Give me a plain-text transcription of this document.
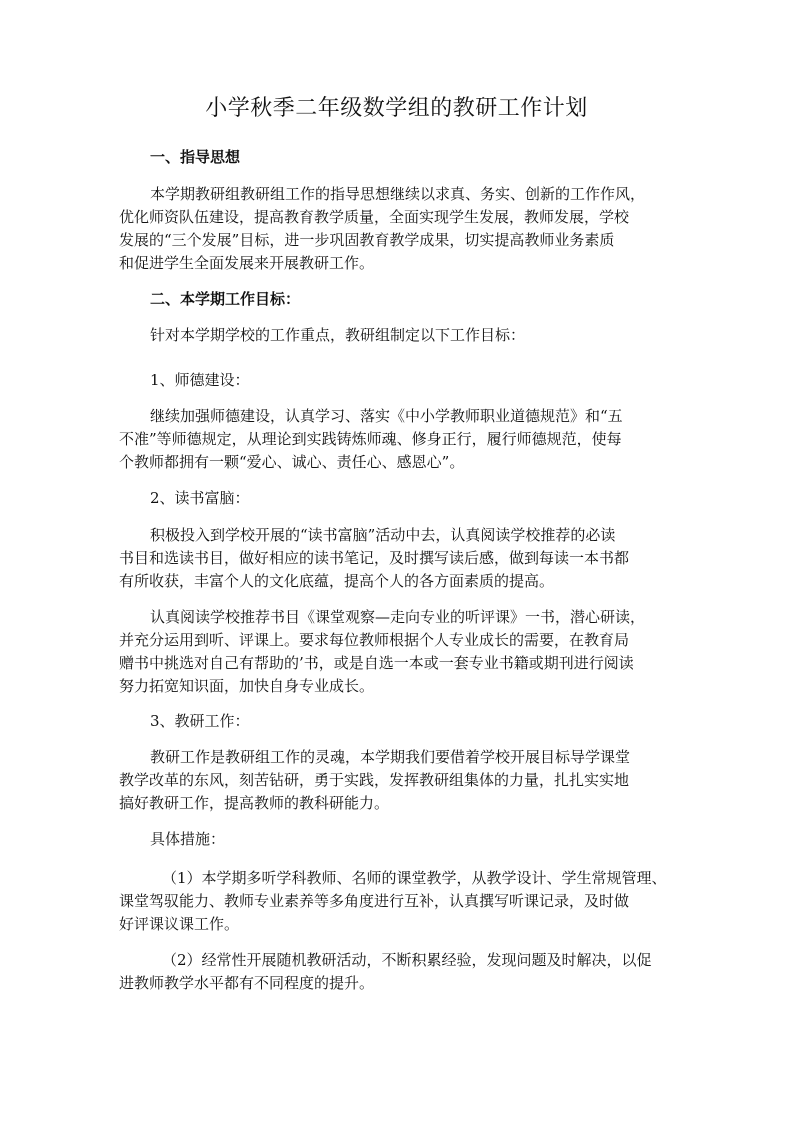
小学秋季二年级数学组的教研工作计划
一、指导思想
本学期教研组教研组工作的指导思想继续以求真、务实、创新的工作作风，
优化师资队伍建设，提高教育教学质量，全面实现学生发展，教师发展，学校
发展的“三个发展”目标，进一步巩固教育教学成果，切实提高教师业务素质
和促进学生全面发展来开展教研工作。
二、本学期工作目标：
针对本学期学校的工作重点，教研组制定以下工作目标：
1、师德建设：
继续加强师德建设，认真学习、落实《中小学教师职业道德规范》和“五
不准”等师德规定，从理论到实践铸炼师魂、修身正行，履行师德规范，使每
个教师都拥有一颗“爱心、诚心、责任心、感恩心”。
2、读书富脑：
积极投入到学校开展的“读书富脑”活动中去，认真阅读学校推荐的必读
书目和选读书目，做好相应的读书笔记，及时撰写读后感，做到每读一本书都
有所收获，丰富个人的文化底蕴，提高个人的各方面素质的提高。
认真阅读学校推荐书目《课堂观察—走向专业的听评课》一书，潜心研读，
并充分运用到听、评课上。要求每位教师根据个人专业成长的需要，在教育局
赠书中挑选对自己有帮助的’书，或是自选一本或一套专业书籍或期刊进行阅读
努力拓宽知识面，加快自身专业成长。
3、教研工作：
教研工作是教研组工作的灵魂，本学期我们要借着学校开展目标导学课堂
教学改革的东风，刻苦钻研，勇于实践，发挥教研组集体的力量，扎扎实实地
搞好教研工作，提高教师的教科研能力。
具体措施：
（1）本学期多听学科教师、名师的课堂教学，从教学设计、学生常规管理、
课堂驾驭能力、教师专业素养等多角度进行互补，认真撰写听课记录，及时做
好评课议课工作。
（2）经常性开展随机教研活动，不断积累经验，发现问题及时解决，以促
进教师教学水平都有不同程度的提升。
